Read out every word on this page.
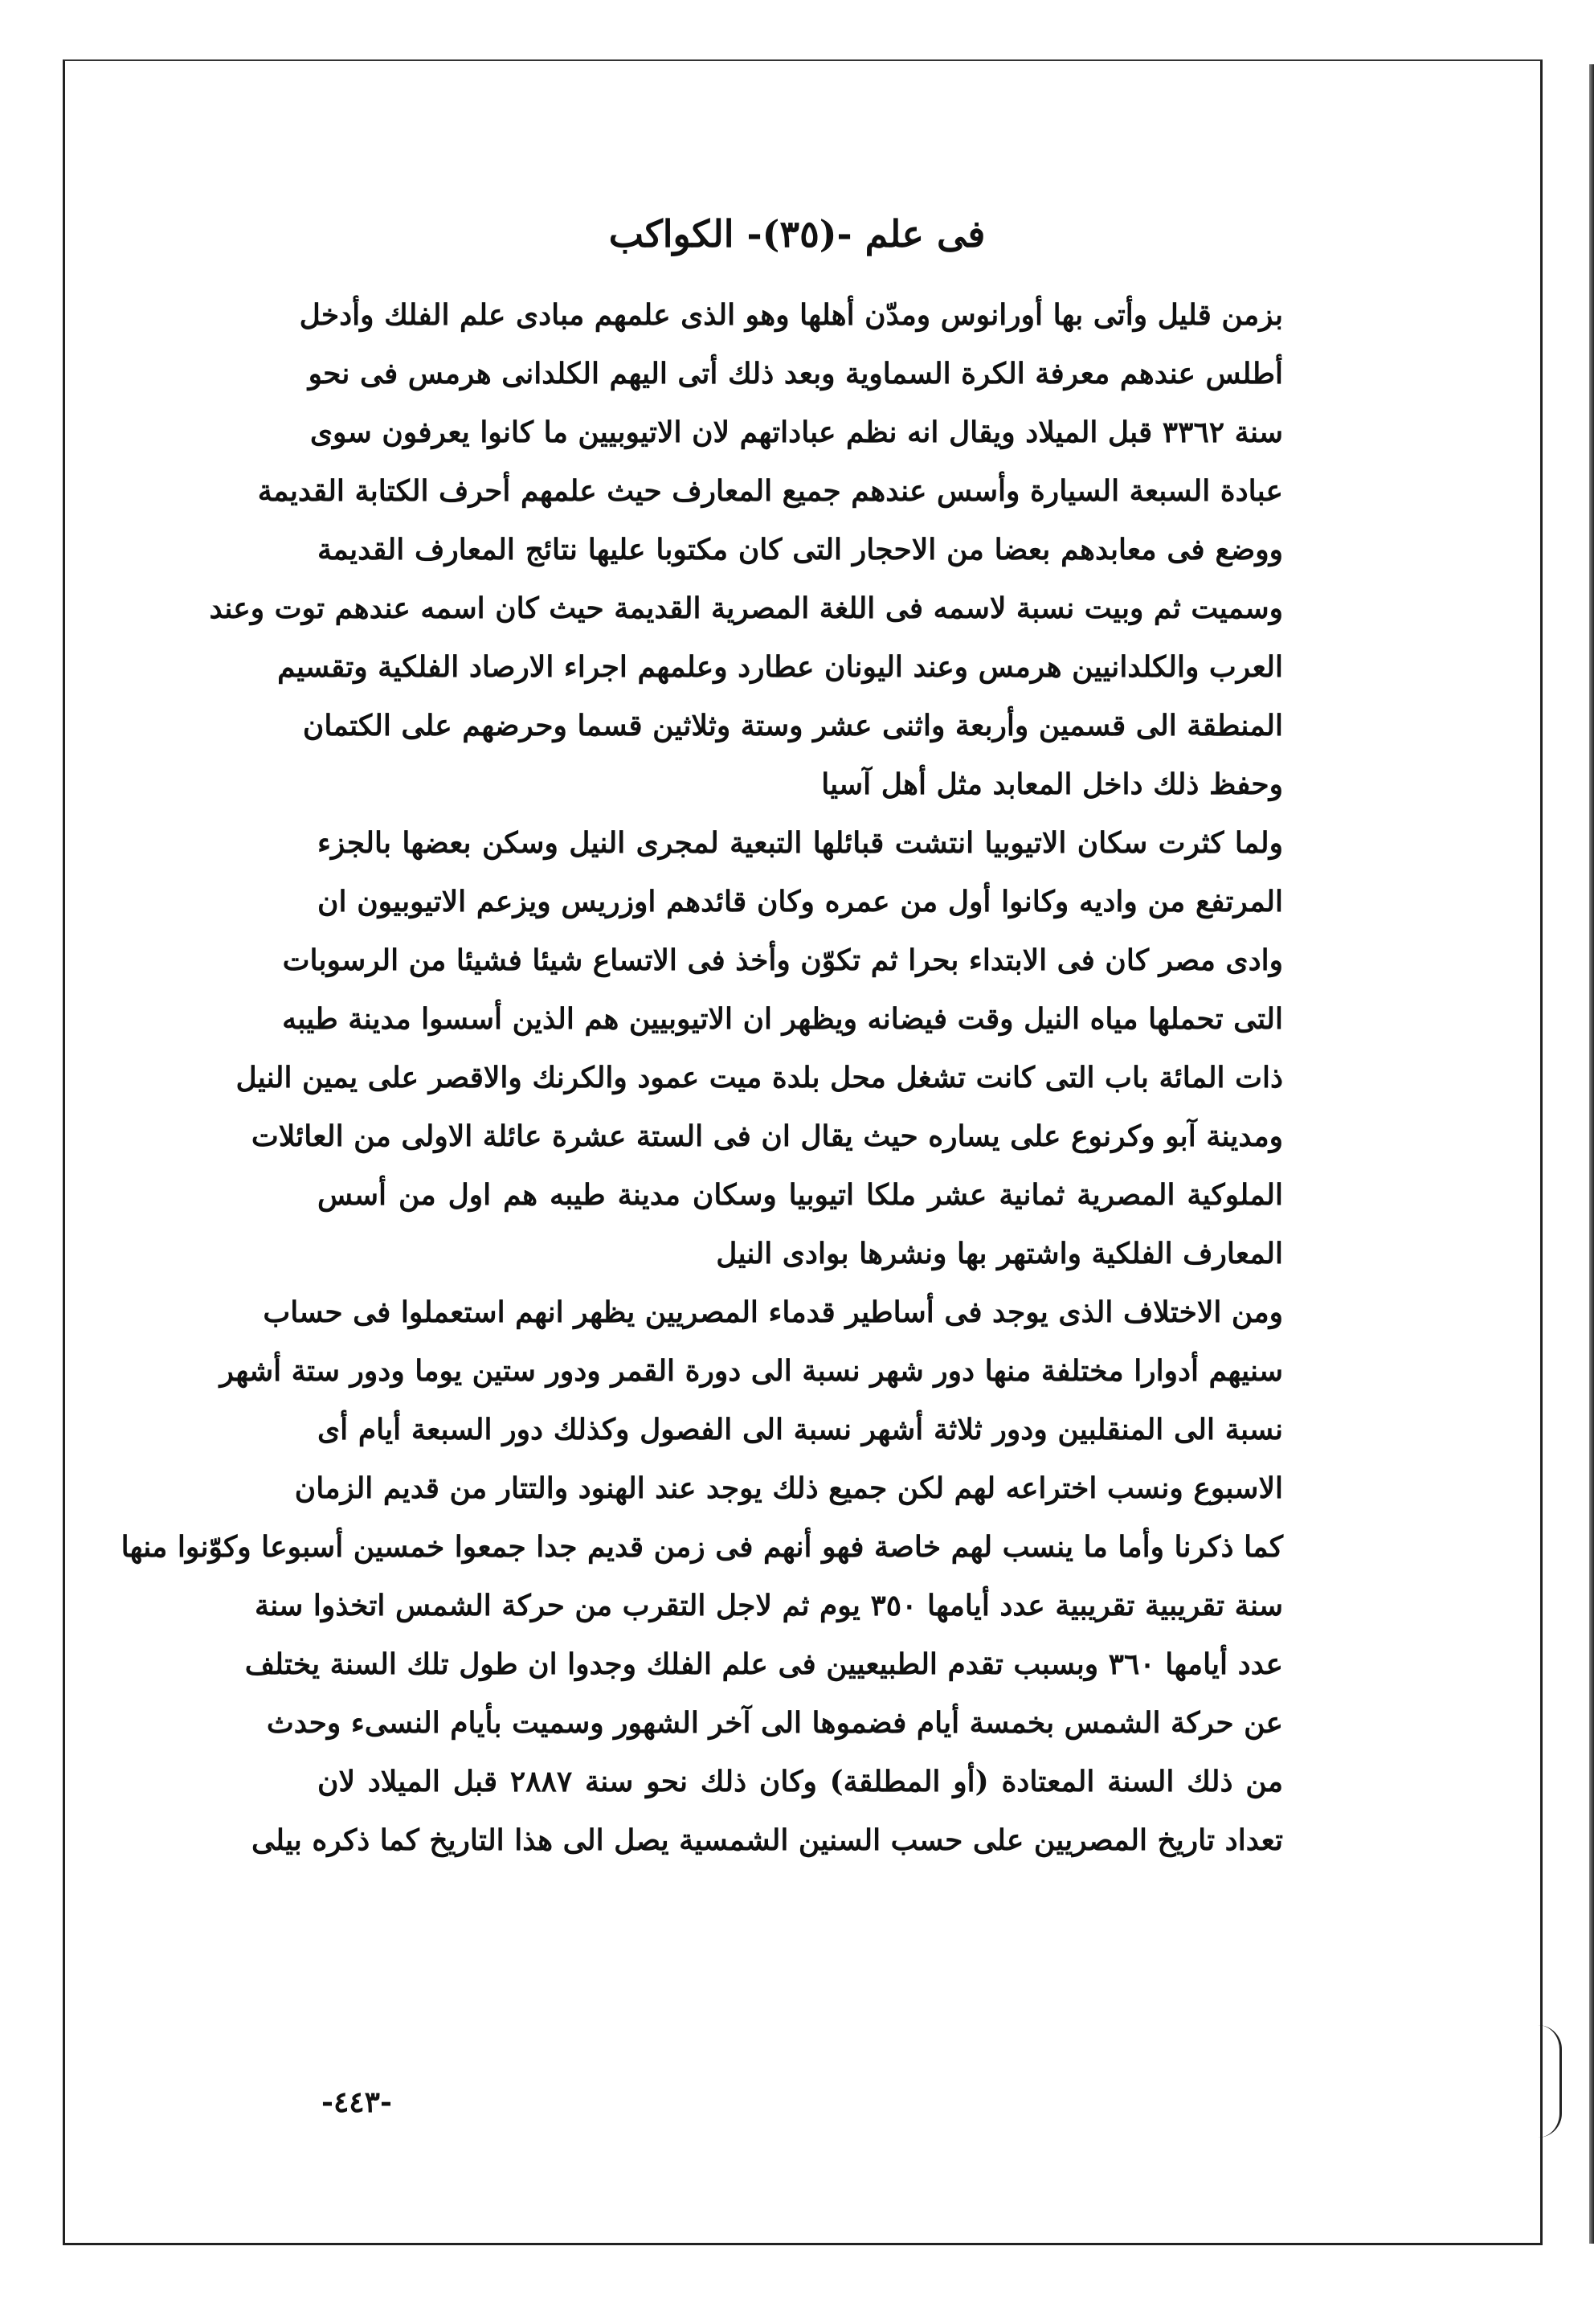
فى علم -(٣٥)- الكواكب
بزمن قليل وأتى بها أورانوس ومدّن أهلها وهو الذى علمهم مبادى علم الفلك وأدخل
أطلس عندهم معرفة الكرة السماوية وبعد ذلك أتى اليهم الكلدانى هرمس فى نحو
سنة ٣٣٦٢ قبل الميلاد ويقال انه نظم عباداتهم لان الاتيوبيين ما كانوا يعرفون سوى
عبادة السبعة السيارة وأسس عندهم جميع المعارف حيث علمهم أحرف الكتابة القديمة
ووضع فى معابدهم بعضا من الاحجار التى كان مكتوبا عليها نتائج المعارف القديمة
وسميت ثم وبيت نسبة لاسمه فى اللغة المصرية القديمة حيث كان اسمه عندهم توت وعند
العرب والكلدانيين هرمس وعند اليونان عطارد وعلمهم اجراء الارصاد الفلكية وتقسيم
المنطقة الى قسمين وأربعة واثنى عشر وستة وثلاثين قسما وحرضهم على الكتمان
وحفظ ذلك داخل المعابد مثل أهل آسيا
ولما كثرت سكان الاتيوبيا انتشت قبائلها التبعية لمجرى النيل وسكن بعضها بالجزء
المرتفع من واديه وكانوا أول من عمره وكان قائدهم اوزريس ويزعم الاتيوبيون ان
وادى مصر كان فى الابتداء بحرا ثم تكوّن وأخذ فى الاتساع شيئا فشيئا من الرسوبات
التى تحملها مياه النيل وقت فيضانه ويظهر ان الاتيوبيين هم الذين أسسوا مدينة طيبه
ذات المائة باب التى كانت تشغل محل بلدة ميت عمود والكرنك والاقصر على يمين النيل
ومدينة آبو وكرنوع على يساره حيث يقال ان فى الستة عشرة عائلة الاولى من العائلات
الملوكية المصرية ثمانية عشر ملكا اتيوبيا وسكان مدينة طيبه هم اول من أسس
المعارف الفلكية واشتهر بها ونشرها بوادى النيل
ومن الاختلاف الذى يوجد فى أساطير قدماء المصريين يظهر انهم استعملوا فى حساب
سنيهم أدوارا مختلفة منها دور شهر نسبة الى دورة القمر ودور ستين يوما ودور ستة أشهر
نسبة الى المنقلبين ودور ثلاثة أشهر نسبة الى الفصول وكذلك دور السبعة أيام أى
الاسبوع ونسب اختراعه لهم لكن جميع ذلك يوجد عند الهنود والتتار من قديم الزمان
كما ذكرنا وأما ما ينسب لهم خاصة فهو أنهم فى زمن قديم جدا جمعوا خمسين أسبوعا وكوّنوا منها
سنة تقريبية تقريبية عدد أيامها ٣٥٠ يوم ثم لاجل التقرب من حركة الشمس اتخذوا سنة
عدد أيامها ٣٦٠ وبسبب تقدم الطبيعيين فى علم الفلك وجدوا ان طول تلك السنة يختلف
عن حركة الشمس بخمسة أيام فضموها الى آخر الشهور وسميت بأيام النسىء وحدث
من ذلك السنة المعتادة (أو المطلقة) وكان ذلك نحو سنة ٢٨٨٧ قبل الميلاد لان
تعداد تاريخ المصريين على حسب السنين الشمسية يصل الى هذا التاريخ كما ذكره بيلى
-٤٤٣-
